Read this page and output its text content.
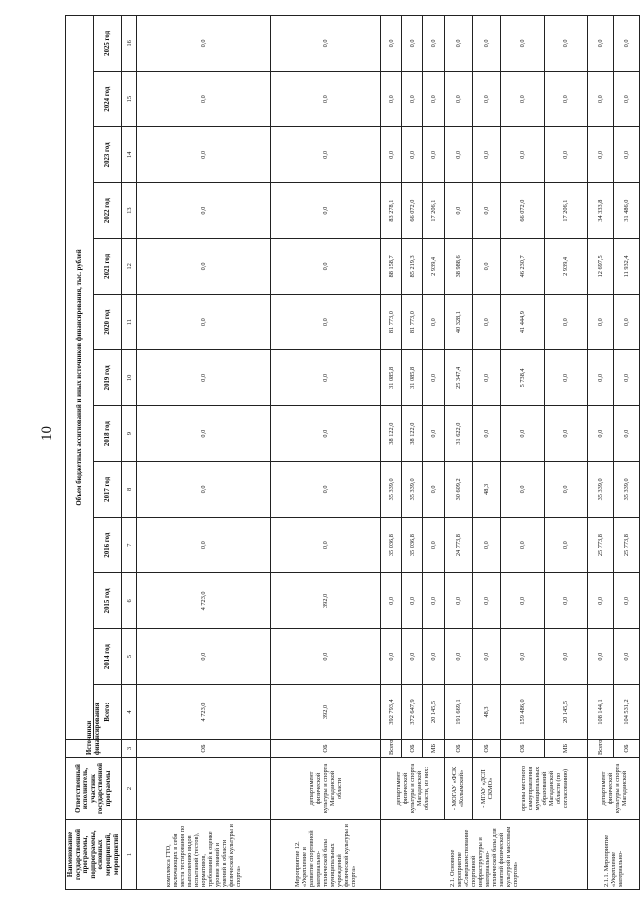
10
Наименование государственной программы, подпрограммы, основных мероприятий, мероприятий	Ответственный исполнитель, участник государственной программы	Источники финансирования	Объем бюджетных ассигнований и иных источников финансирования, тыс. рублей												
			Всего:	2014 год	2015 год	2016 год	2017 год	2018 год	2019 год	2020 год	2021 год	2022 год	2023 год	2024 год	2025 год
1	2	3	4	5	6	7	8	9	10	11	12	13	14	15	16
комплекса ГТО, включающих в себя места тестирования по выполнению видов испытаний (тестов), нормативов, требований к оценке уровня знаний и умений в области физической культуры и спорта»		ОБ	4 723,0	0,0	4 723,0	0,0	0,0	0,0	0,0	0,0	0,0	0,0	0,0	0,0	0,0
Мероприятие 12. «Укрепление и развитие спортивной материально-технической базы муниципальных учреждений физической культуры и спорта»	департамент физической культуры и спорта Магаданской области	ОБ	392,0	0,0	392,0	0,0	0,0	0,0	0,0	0,0	0,0	0,0	0,0	0,0	0,0
2.1. Основное мероприятие «Совершенствование спортивной инфраструктуры и материально-технической базы для занятий физической культурой и массовым спортом»	департамент физической культуры и спорта Магаданской области, из них:	Всего	392 793,4	0,0	0,0	35 036,8	35 339,0	38 122,0	31 085,8	81 773,0	88 158,7	83 278,1	0,0	0,0	0,0
		ОБ	372 647,9	0,0	0,0	35 036,8	35 339,0	38 122,0	31 085,8	81 773,0	85 219,3	66 072,0	0,0	0,0	0,0
		МБ	20 145,5	0,0	0,0	0,0	0,0	0,0	0,0	0,0	2 939,4	17 206,1	0,0	0,0	0,0
	- МОГАУ «ФСК «Колымский»	ОБ	191 669,1	0,0	0,0	24 773,8	30 609,2	31 622,0	25 347,4	40 328,1	38 988,6	0,0	0,0	0,0	0,0
	- МГАУ «ДСП СКМО»	ОБ	48,3	0,0	0,0	0,0	48,3	0,0	0,0	0,0	0,0	0,0	0,0	0,0	0,0
	органы местного самоуправления муниципальных образований Магаданской области (по согласованию)	ОБ	159 486,0	0,0	0,0	0,0	0,0	0,0	5 738,4	41 444,9	46 230,7	66 072,0	0,0	0,0	0,0
		МБ	20 145,5	0,0	0,0	0,0	0,0	0,0	0,0	0,0	2 939,4	17 206,1	0,0	0,0	0,0
2.1.1. Мероприятие «Укрепление материально-	департамент физической культуры и спорта Магаданской	Всего	108 144,1	0,0	0,0	25 773,8	35 339,0	0,0	0,0	0,0	12 697,5	34 333,8	0,0	0,0	0,0
		ОБ	104 531,2	0,0	0,0	25 773,8	35 339,0	0,0	0,0	0,0	11 932,4	31 486,0	0,0	0,0	0,0
